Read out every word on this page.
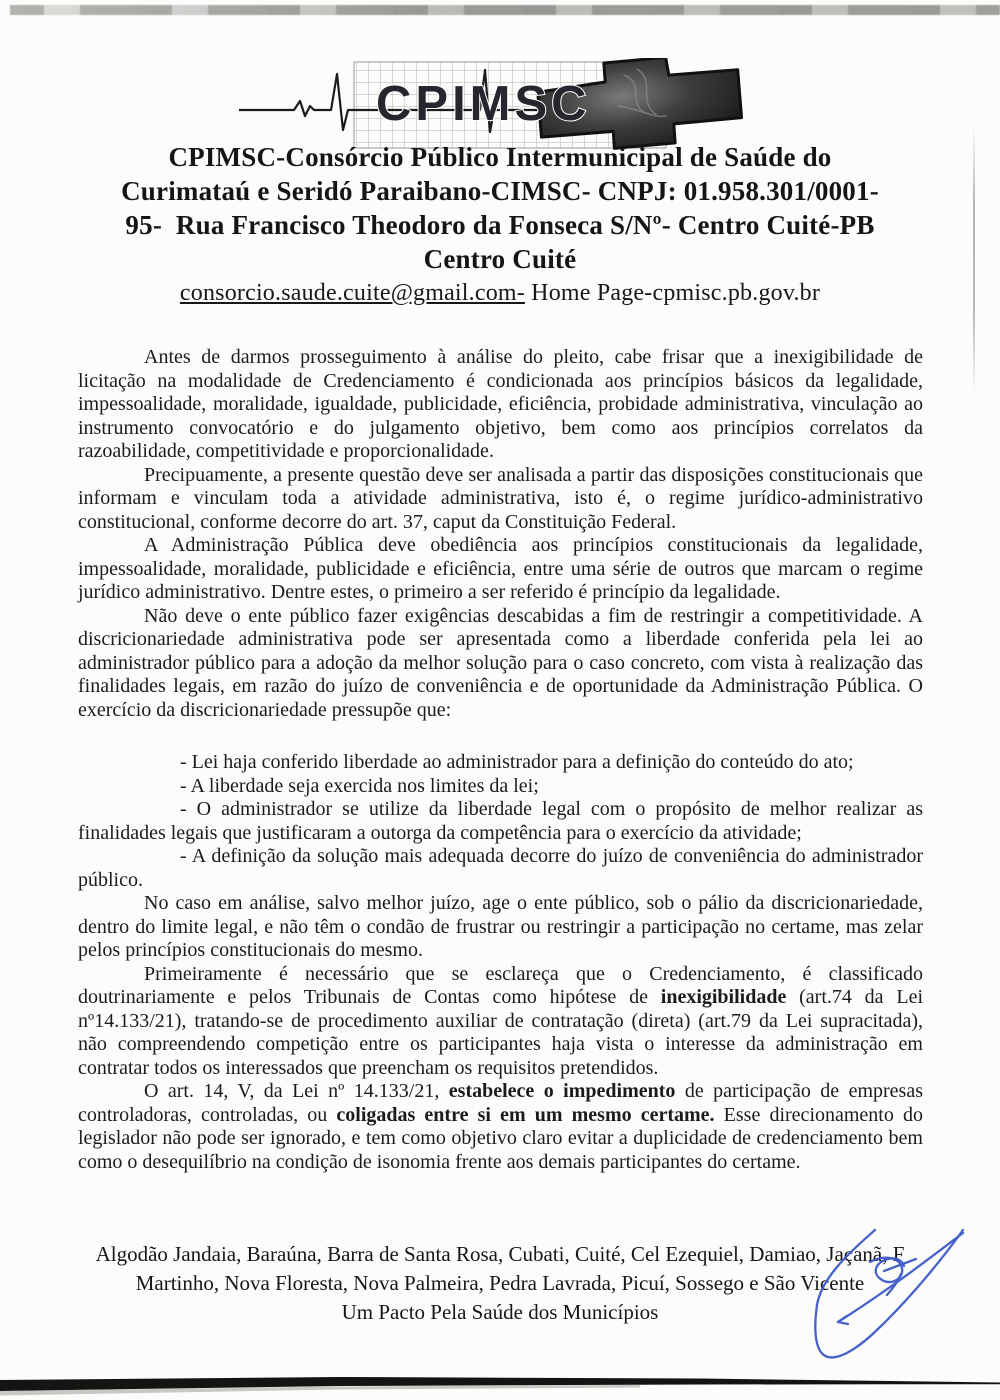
CPIMSC
CPIMSC-Consórcio Público Intermunicipal de Saúde do
Curimataú e Seridó Paraibano-CIMSC- CNPJ: 01.958.301/0001-
95-  Rua Francisco Theodoro da Fonseca S/Nº- Centro Cuité-PB
Centro Cuité
consorcio.saude.cuite@gmail.com- Home Page-cpmisc.pb.gov.br

Antes de darmos prosseguimento à análise do pleito, cabe frisar que a inexigibilidade de licitação na modalidade de Credenciamento é condicionada aos princípios básicos da legalidade, impessoalidade, moralidade, igualdade, publicidade, eficiência, probidade administrativa, vinculação ao instrumento convocatório e do julgamento objetivo, bem como aos princípios correlatos da razoabilidade, competitividade e proporcionalidade.

Precipuamente, a presente questão deve ser analisada a partir das disposições constitucionais que informam e vinculam toda a atividade administrativa, isto é, o regime jurídico-administrativo constitucional, conforme decorre do art. 37, caput da Constituição Federal.

A Administração Pública deve obediência aos princípios constitucionais da legalidade, impessoalidade, moralidade, publicidade e eficiência, entre uma série de outros que marcam o regime jurídico administrativo. Dentre estes, o primeiro a ser referido é princípio da legalidade.

Não deve o ente público fazer exigências descabidas a fim de restringir a competitividade. A discricionariedade administrativa pode ser apresentada como a liberdade conferida pela lei ao administrador público para a adoção da melhor solução para o caso concreto, com vista à realização das finalidades legais, em razão do juízo de conveniência e de oportunidade da Administração Pública. O exercício da discricionariedade pressupõe que:

- Lei haja conferido liberdade ao administrador para a definição do conteúdo do ato;

- A liberdade seja exercida nos limites da lei;

- O administrador se utilize da liberdade legal com o propósito de melhor realizar as finalidades legais que justificaram a outorga da competência para o exercício da atividade;

- A definição da solução mais adequada decorre do juízo de conveniência do administrador público.

No caso em análise, salvo melhor juízo, age o ente público, sob o pálio da discricionariedade, dentro do limite legal, e não têm o condão de frustrar ou restringir a participação no certame, mas zelar pelos princípios constitucionais do mesmo.

Primeiramente é necessário que se esclareça que o Credenciamento, é classificado doutrinariamente e pelos Tribunais de Contas como hipótese de inexigibilidade (art.74 da Lei nº14.133/21), tratando-se de procedimento auxiliar de contratação (direta) (art.79 da Lei supracitada), não compreendendo competição entre os participantes haja vista o interesse da administração em contratar todos os interessados que preencham os requisitos pretendidos.

O art. 14, V, da Lei nº 14.133/21, estabelece o impedimento de participação de empresas controladoras, controladas, ou coligadas entre si em um mesmo certame. Esse direcionamento do legislador não pode ser ignorado, e tem como objetivo claro evitar a duplicidade de credenciamento bem como o desequilíbrio na condição de isonomia frente aos demais participantes do certame.

Algodão Jandaia, Baraúna, Barra de Santa Rosa, Cubati, Cuité, Cel Ezequiel, Damiao, Jaçanã, F
Martinho, Nova Floresta, Nova Palmeira, Pedra Lavrada, Picuí, Sossego e São Vicente
Um Pacto Pela Saúde dos Municípios
